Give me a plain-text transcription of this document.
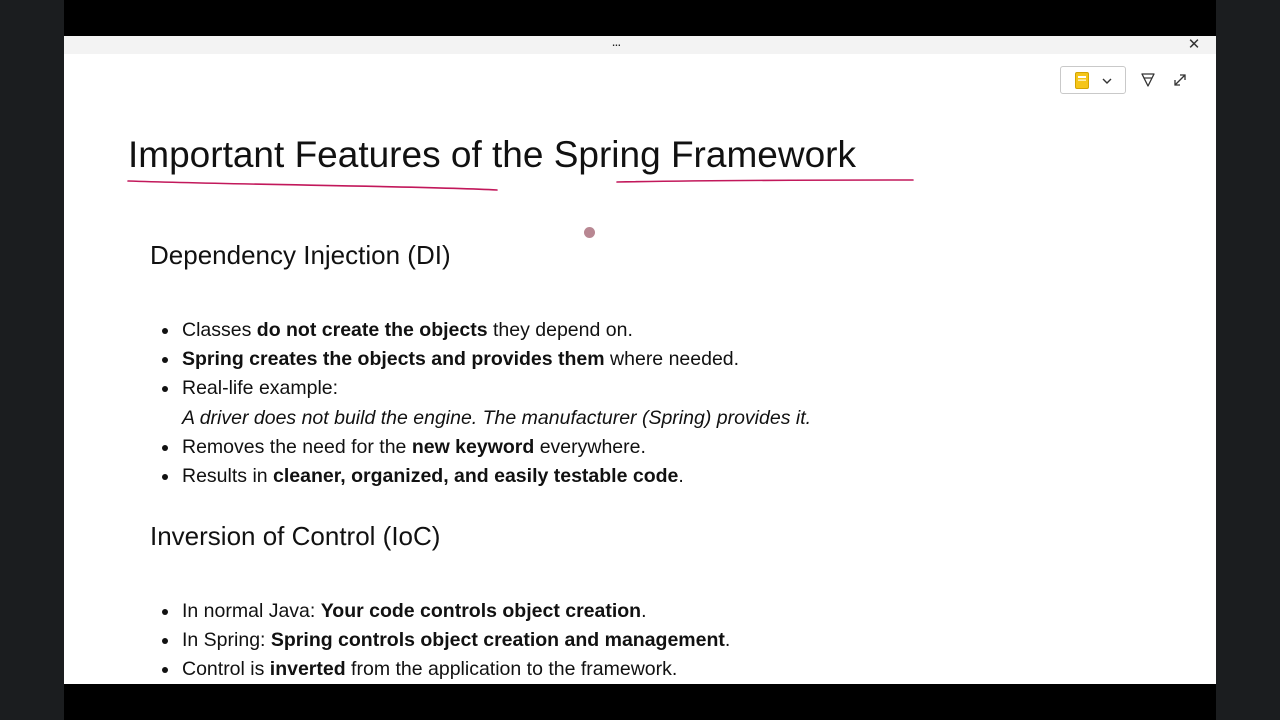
...	✕
Important Features of the Spring Framework
Dependency Injection (DI)
Classes do not create the objects they depend on.
Spring creates the objects and provides them where needed.
Real-life example:
A driver does not build the engine. The manufacturer (Spring) provides it.
Removes the need for the new keyword everywhere.
Results in cleaner, organized, and easily testable code.
Inversion of Control (IoC)
In normal Java: Your code controls object creation.
In Spring: Spring controls object creation and management.
Control is inverted from the application to the framework.
